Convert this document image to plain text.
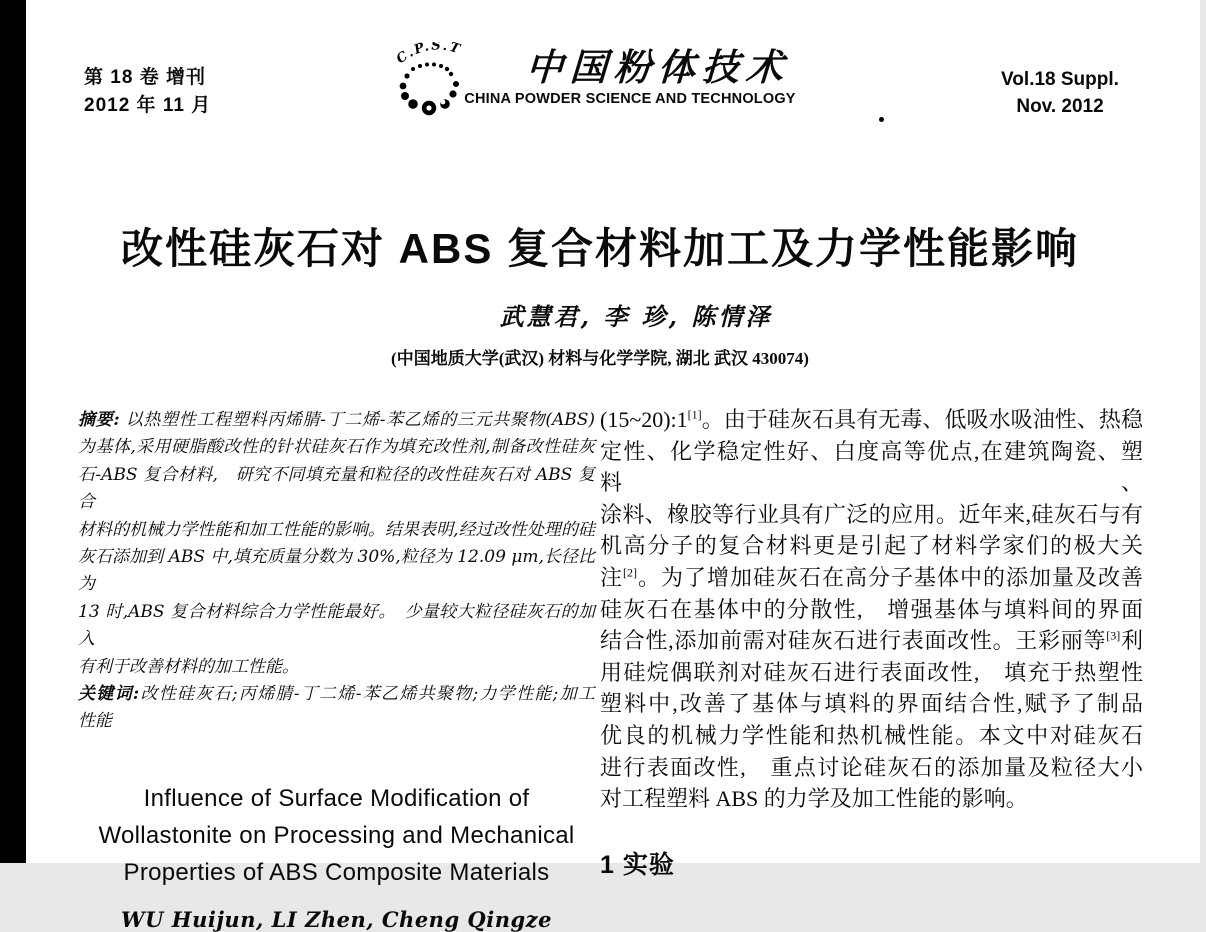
第 18 卷 增刊
2012 年 11 月
C.P.S.T	中国粉体技术
CHINA POWDER SCIENCE AND TECHNOLOGY
Vol.18 Suppl.
Nov. 2012
改性硅灰石对 ABS 复合材料加工及力学性能影响
武慧君, 李 珍, 陈情泽
(中国地质大学(武汉) 材料与化学学院, 湖北 武汉 430074)
摘要: 以热塑性工程塑料丙烯腈-丁二烯-苯乙烯的三元共聚物(ABS)
为基体,采用硬脂酸改性的针状硅灰石作为填充改性剂,制备改性硅灰
石-ABS 复合材料,　研究不同填充量和粒径的改性硅灰石对 ABS 复合
材料的机械力学性能和加工性能的影响。结果表明,经过改性处理的硅
灰石添加到 ABS 中,填充质量分数为 30%,粒径为 12.09 μm,长径比为
13 时,ABS 复合材料综合力学性能最好。　少量较大粒径硅灰石的加入
有利于改善材料的加工性能。
关键词:改性硅灰石;丙烯腈-丁二烯-苯乙烯共聚物;力学性能;加工
性能
Influence of Surface Modification of
Wollastonite on Processing and Mechanical
Properties of ABS Composite Materials
WU Huijun, LI Zhen, Cheng Qingze
(15~20):1[1]。由于硅灰石具有无毒、低吸水吸油性、热稳
定性、化学稳定性好、白度高等优点,在建筑陶瓷、塑料、
涂料、橡胶等行业具有广泛的应用。近年来,硅灰石与有
机高分子的复合材料更是引起了材料学家们的极大关
注[2]。为了增加硅灰石在高分子基体中的添加量及改善
硅灰石在基体中的分散性,　增强基体与填料间的界面
结合性,添加前需对硅灰石进行表面改性。王彩丽等[3]利
用硅烷偶联剂对硅灰石进行表面改性,　填充于热塑性
塑料中,改善了基体与填料的界面结合性,赋予了制品
优良的机械力学性能和热机械性能。本文中对硅灰石
进行表面改性,　重点讨论硅灰石的添加量及粒径大小
对工程塑料 ABS 的力学及加工性能的影响。
1 实验
